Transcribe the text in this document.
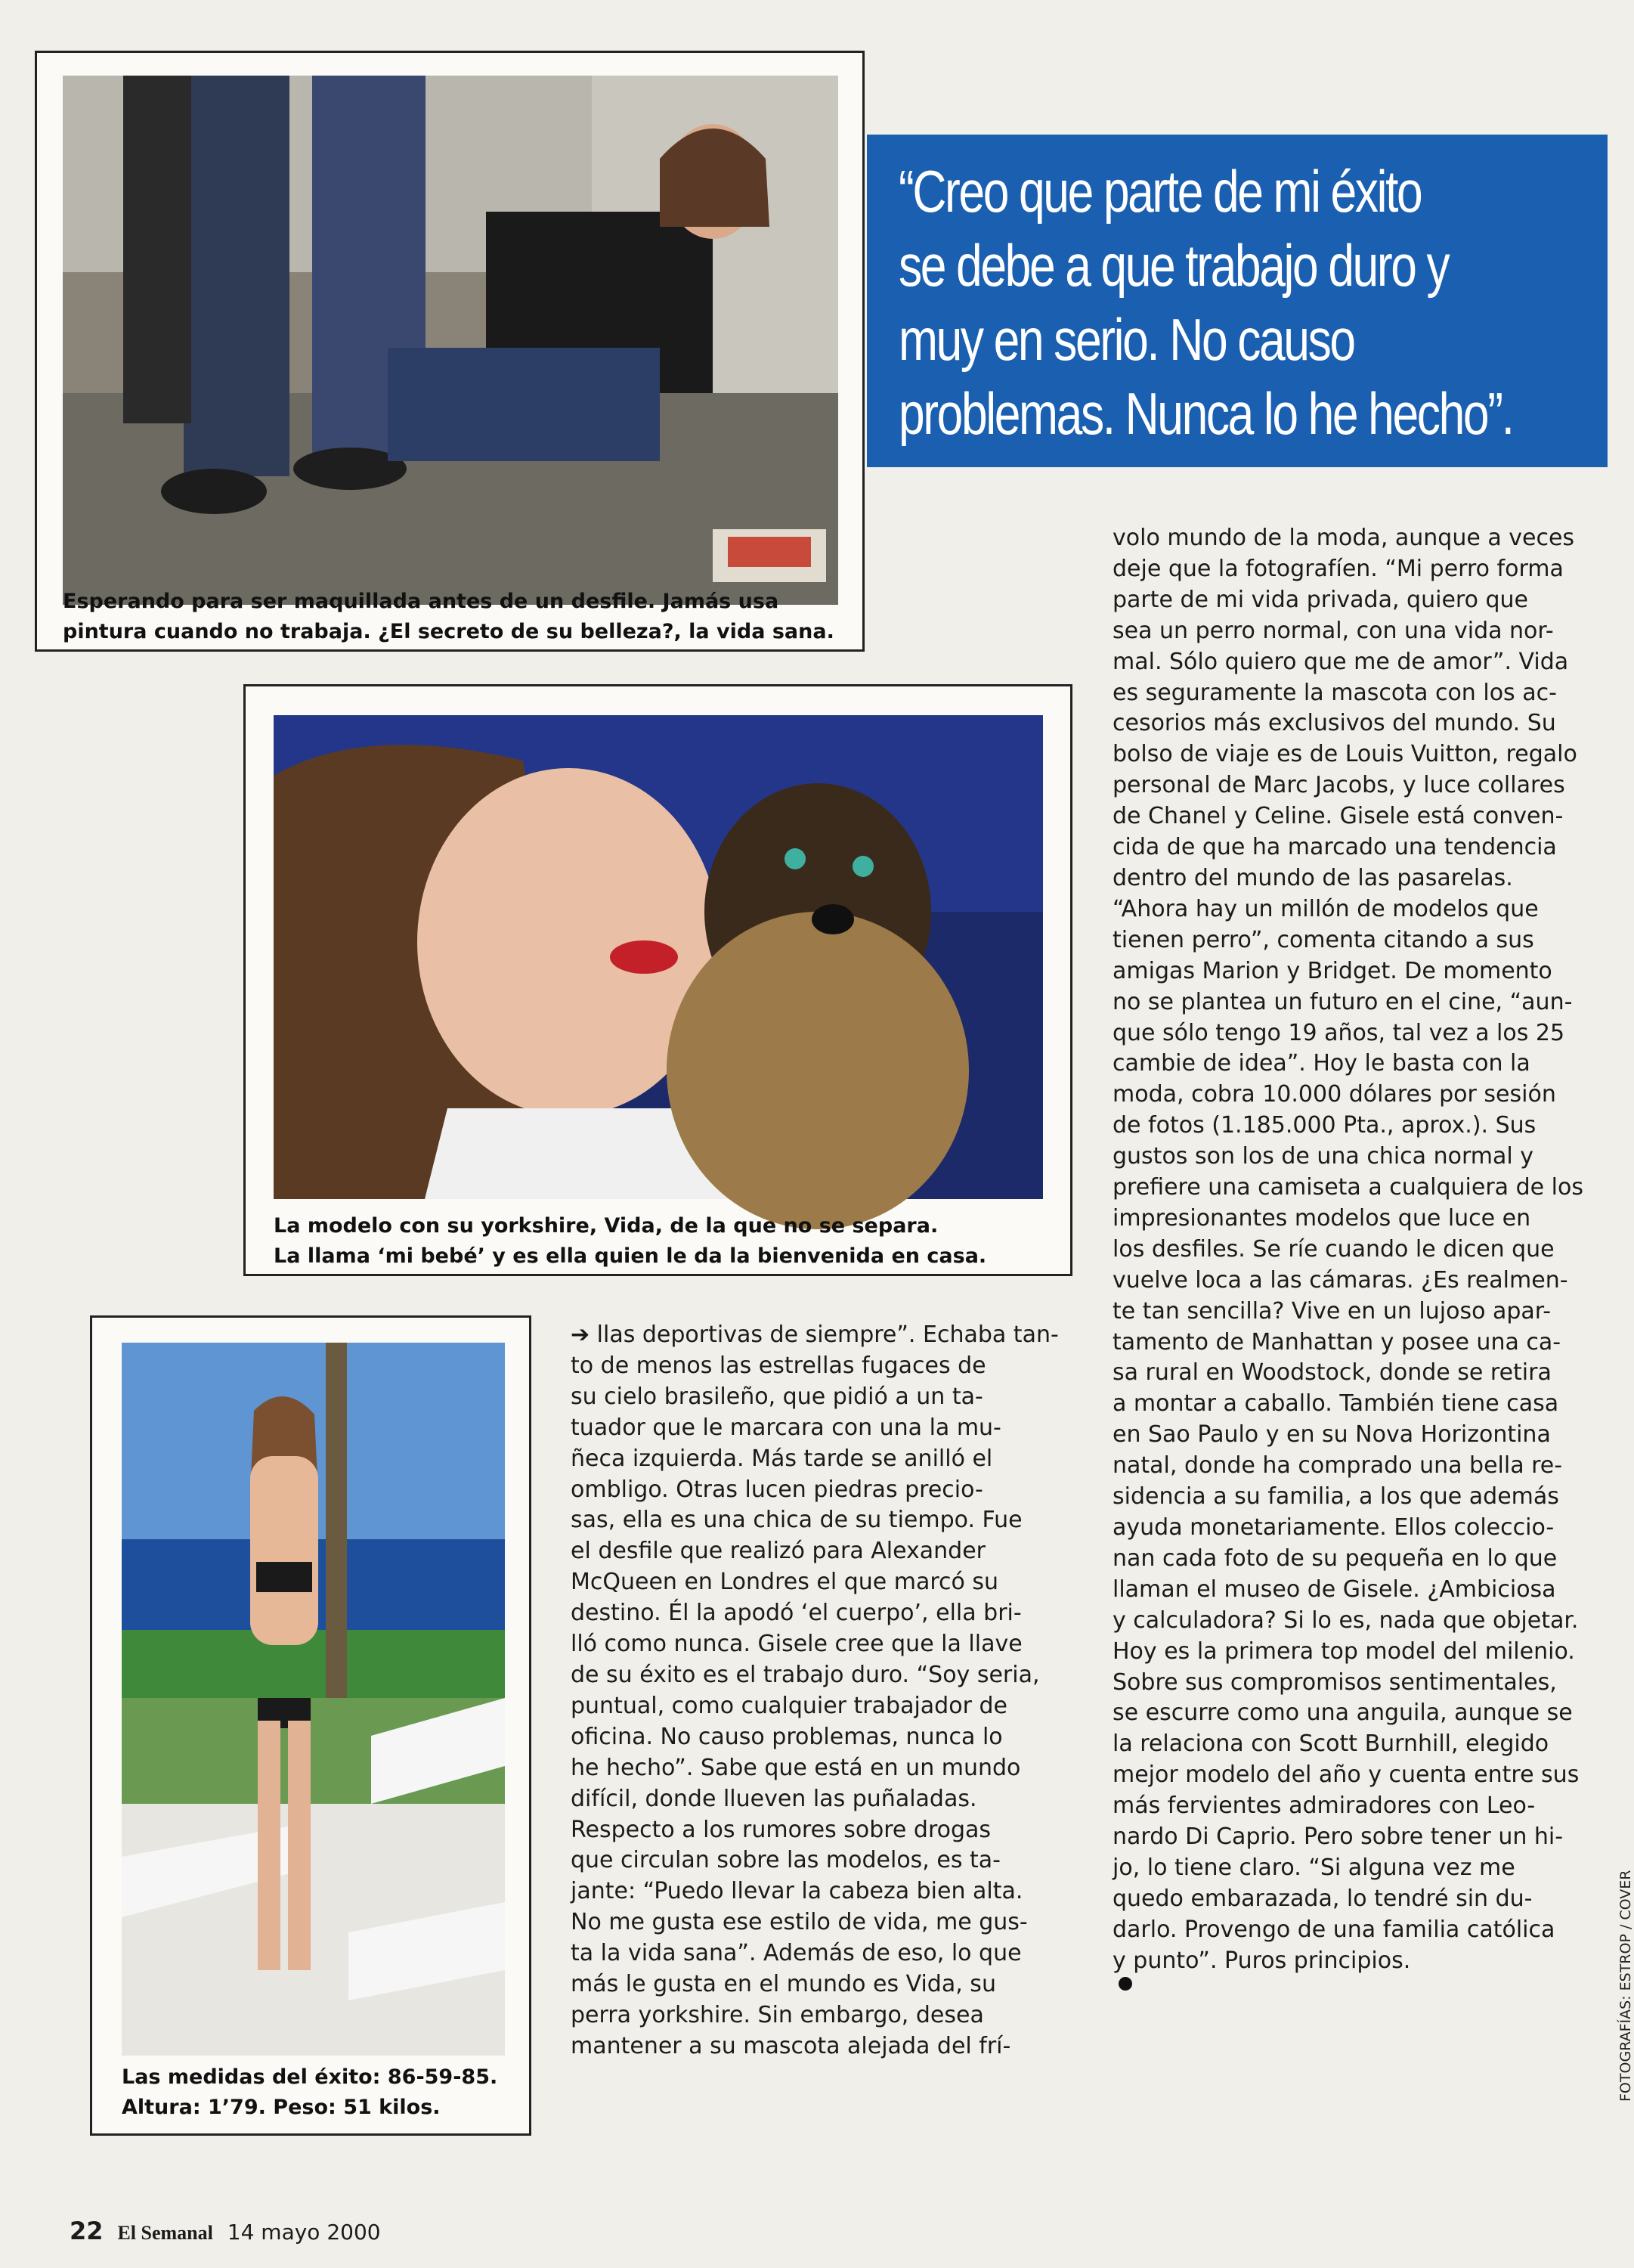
Esperando para ser maquillada antes de un desfile. Jamás usa
pintura cuando no trabaja. ¿El secreto de su belleza?, la vida sana.
“Creo que parte de mi éxito
se debe a que trabajo duro y
muy en serio. No causo
problemas. Nunca lo he hecho”.
La modelo con su yorkshire, Vida, de la que no se separa.
La llama ‘mi bebé’ y es ella quien le da la bienvenida en casa.
Las medidas del éxito: 86-59-85.
Altura: 1’79. Peso: 51 kilos.
➔ llas deportivas de siempre”. Echaba tan-
to de menos las estrellas fugaces de
su cielo brasileño, que pidió a un ta-
tuador que le marcara con una la mu-
ñeca izquierda. Más tarde se anilló el
ombligo. Otras lucen piedras precio-
sas, ella es una chica de su tiempo. Fue
el desfile que realizó para Alexander
McQueen en Londres el que marcó su
destino. Él la apodó ‘el cuerpo’, ella bri-
lló como nunca. Gisele cree que la llave
de su éxito es el trabajo duro. “Soy seria,
puntual, como cualquier trabajador de
oficina. No causo problemas, nunca lo
he hecho”. Sabe que está en un mundo
difícil, donde llueven las puñaladas.
Respecto a los rumores sobre drogas
que circulan sobre las modelos, es ta-
jante: “Puedo llevar la cabeza bien alta.
No me gusta ese estilo de vida, me gus-
ta la vida sana”. Además de eso, lo que
más le gusta en el mundo es Vida, su
perra yorkshire. Sin embargo, desea
mantener a su mascota alejada del frí-
volo mundo de la moda, aunque a veces
deje que la fotografíen. “Mi perro forma
parte de mi vida privada, quiero que
sea un perro normal, con una vida nor-
mal. Sólo quiero que me de amor”. Vida
es seguramente la mascota con los ac-
cesorios más exclusivos del mundo. Su
bolso de viaje es de Louis Vuitton, regalo
personal de Marc Jacobs, y luce collares
de Chanel y Celine. Gisele está conven-
cida de que ha marcado una tendencia
dentro del mundo de las pasarelas.
“Ahora hay un millón de modelos que
tienen perro”, comenta citando a sus
amigas Marion y Bridget. De momento
no se plantea un futuro en el cine, “aun-
que sólo tengo 19 años, tal vez a los 25
cambie de idea”. Hoy le basta con la
moda, cobra 10.000 dólares por sesión
de fotos (1.185.000 Pta., aprox.). Sus
gustos son los de una chica normal y
prefiere una camiseta a cualquiera de los
impresionantes modelos que luce en
los desfiles. Se ríe cuando le dicen que
vuelve loca a las cámaras. ¿Es realmen-
te tan sencilla? Vive en un lujoso apar-
tamento de Manhattan y posee una ca-
sa rural en Woodstock, donde se retira
a montar a caballo. También tiene casa
en Sao Paulo y en su Nova Horizontina
natal, donde ha comprado una bella re-
sidencia a su familia, a los que además
ayuda monetariamente. Ellos coleccio-
nan cada foto de su pequeña en lo que
llaman el museo de Gisele. ¿Ambiciosa
y calculadora? Si lo es, nada que objetar.
Hoy es la primera top model del milenio.
Sobre sus compromisos sentimentales,
se escurre como una anguila, aunque se
la relaciona con Scott Burnhill, elegido
mejor modelo del año y cuenta entre sus
más fervientes admiradores con Leo-
nardo Di Caprio. Pero sobre tener un hi-
jo, lo tiene claro. “Si alguna vez me
quedo embarazada, lo tendré sin du-
darlo. Provengo de una familia católica
y punto”. Puros principios.
22 El Semanal 14 mayo 2000
FOTOGRAFÍAS: ESTROP / COVER
